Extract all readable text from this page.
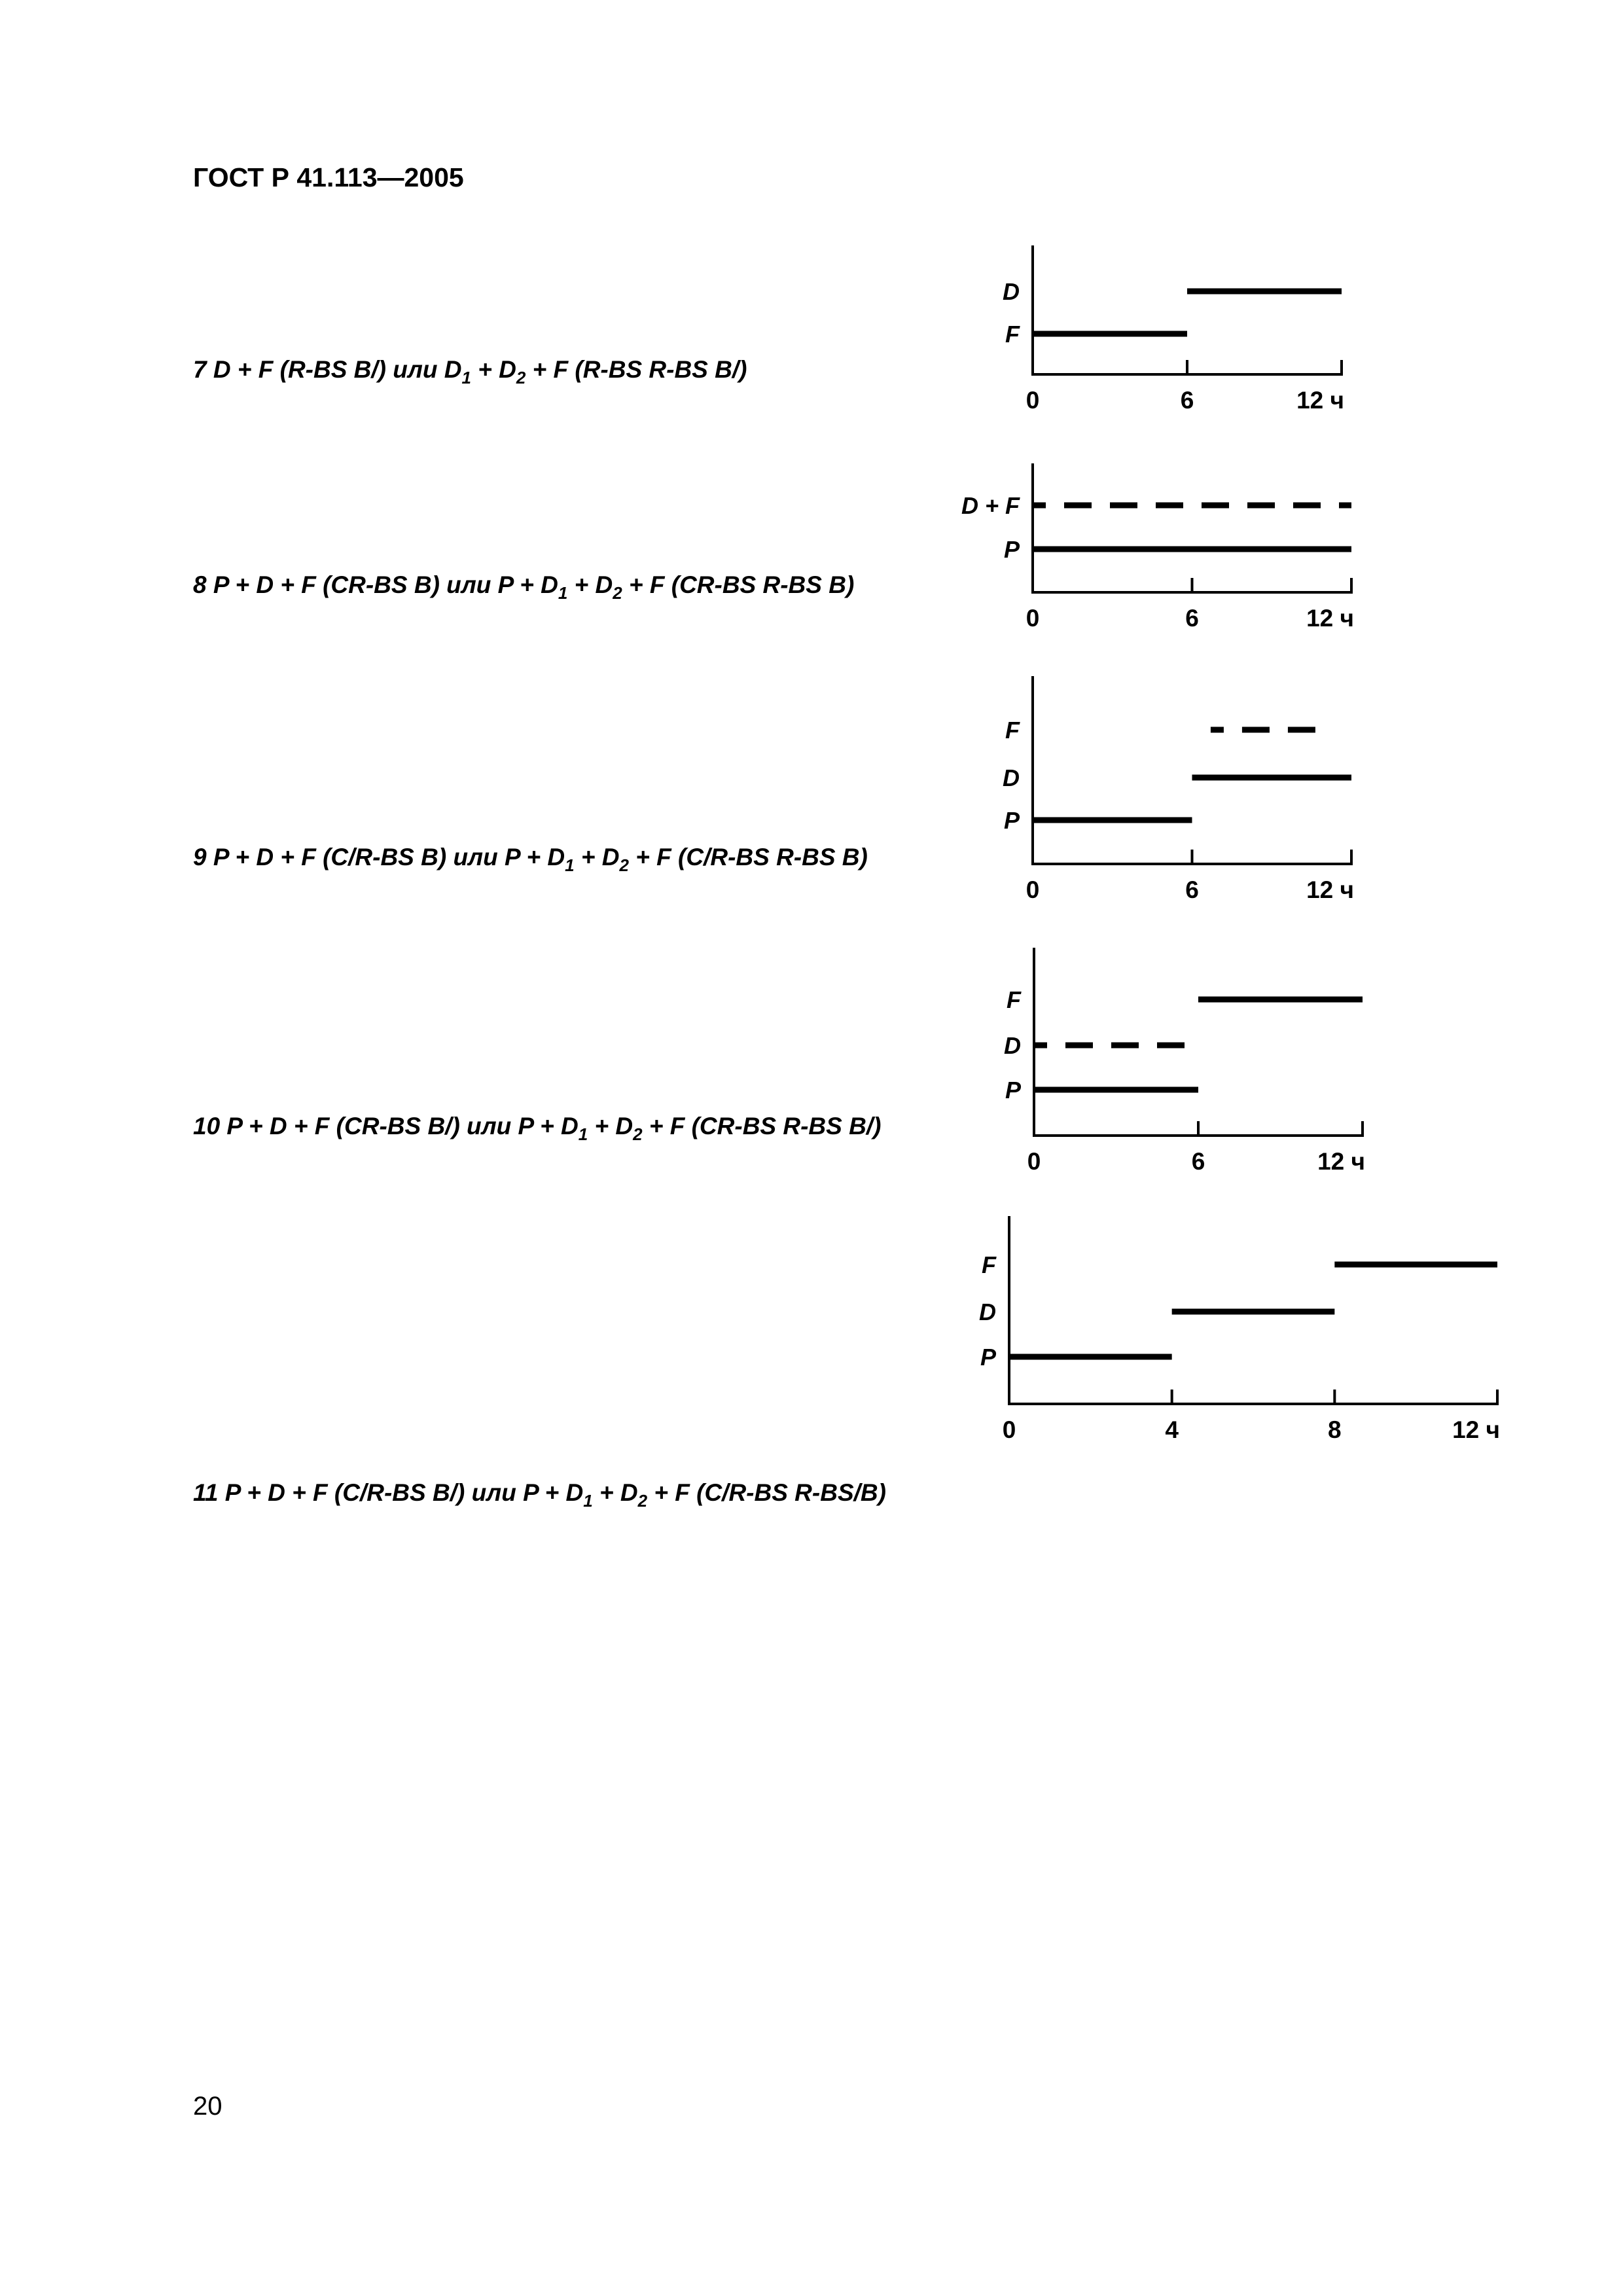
ГОСТ Р 41.113—2005
20
7 D + F (R-BS B/) или $D_1 + D_2 + F$ (R-BS R-BS B/)
8 P + D + F (CR-BS B) или $P + D_1 + D_2 + F$ (CR-BS R-BS B)
9 P + D + F (C/R-BS B) или $P + D_1 + D_2 + F$ (C/R-BS R-BS B)
10 P + D + F (CR-BS B/) или $P + D_1 + D_2 + F$ (CR-BS R-BS B/)
11 P + D + F (C/R-BS B/) или $P + D_1 + D_2 + F$ (C/R-BS R-BS/B)
0	6	12 ч
F
D
0	6	12 ч
P
D + F
0	6	12 ч
P
D
F
0	6	12 ч
P
D
F
0	4	8	12 ч
P
D
F
